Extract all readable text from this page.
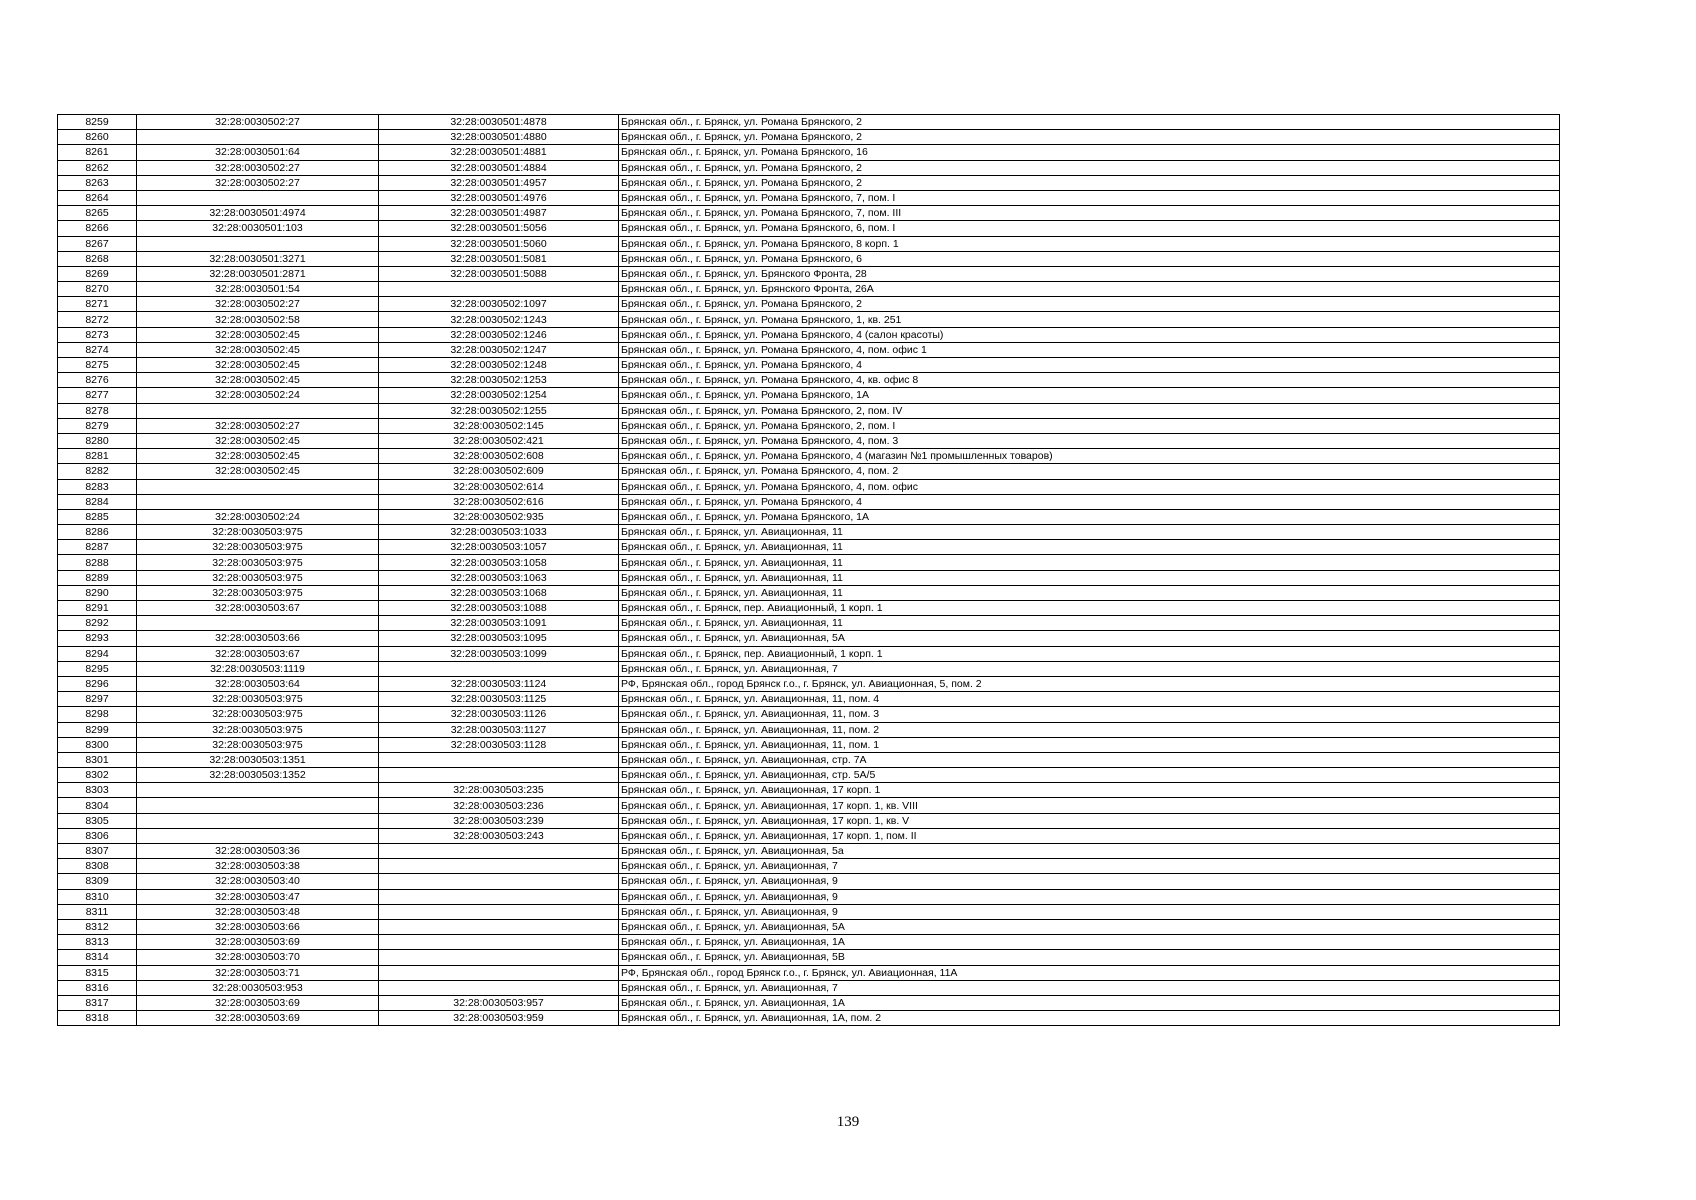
8259	32:28:0030502:27	32:28:0030501:4878	Брянская обл., г. Брянск, ул. Романа Брянского, 2
8260		32:28:0030501:4880	Брянская обл., г. Брянск, ул. Романа Брянского, 2
8261	32:28:0030501:64	32:28:0030501:4881	Брянская обл., г. Брянск, ул. Романа Брянского, 16
8262	32:28:0030502:27	32:28:0030501:4884	Брянская обл., г. Брянск, ул. Романа Брянского, 2
8263	32:28:0030502:27	32:28:0030501:4957	Брянская обл., г. Брянск, ул. Романа Брянского, 2
8264		32:28:0030501:4976	Брянская обл., г. Брянск, ул. Романа Брянского, 7, пом. I
8265	32:28:0030501:4974	32:28:0030501:4987	Брянская обл., г. Брянск, ул. Романа Брянского, 7, пом. III
8266	32:28:0030501:103	32:28:0030501:5056	Брянская обл., г. Брянск, ул. Романа Брянского, 6, пом. I
8267		32:28:0030501:5060	Брянская обл., г. Брянск, ул. Романа Брянского, 8 корп. 1
8268	32:28:0030501:3271	32:28:0030501:5081	Брянская обл., г. Брянск, ул. Романа Брянского, 6
8269	32:28:0030501:2871	32:28:0030501:5088	Брянская обл., г. Брянск, ул. Брянского Фронта, 28
8270	32:28:0030501:54		Брянская обл., г. Брянск, ул. Брянского Фронта, 26А
8271	32:28:0030502:27	32:28:0030502:1097	Брянская обл., г. Брянск, ул. Романа Брянского, 2
8272	32:28:0030502:58	32:28:0030502:1243	Брянская обл., г. Брянск, ул. Романа Брянского, 1, кв. 251
8273	32:28:0030502:45	32:28:0030502:1246	Брянская обл., г. Брянск, ул. Романа Брянского, 4 (салон красоты)
8274	32:28:0030502:45	32:28:0030502:1247	Брянская обл., г. Брянск, ул. Романа Брянского, 4, пом. офис 1
8275	32:28:0030502:45	32:28:0030502:1248	Брянская обл., г. Брянск, ул. Романа Брянского, 4
8276	32:28:0030502:45	32:28:0030502:1253	Брянская обл., г. Брянск, ул. Романа Брянского, 4, кв. офис 8
8277	32:28:0030502:24	32:28:0030502:1254	Брянская обл., г. Брянск, ул. Романа Брянского, 1А
8278		32:28:0030502:1255	Брянская обл., г. Брянск, ул. Романа Брянского, 2, пом. IV
8279	32:28:0030502:27	32:28:0030502:145	Брянская обл., г. Брянск, ул. Романа Брянского, 2, пом. I
8280	32:28:0030502:45	32:28:0030502:421	Брянская обл., г. Брянск, ул. Романа Брянского, 4, пом. 3
8281	32:28:0030502:45	32:28:0030502:608	Брянская обл., г. Брянск, ул. Романа Брянского, 4 (магазин №1 промышленных товаров)
8282	32:28:0030502:45	32:28:0030502:609	Брянская обл., г. Брянск, ул. Романа Брянского, 4, пом. 2
8283		32:28:0030502:614	Брянская обл., г. Брянск, ул. Романа Брянского, 4, пом. офис
8284		32:28:0030502:616	Брянская обл., г. Брянск, ул. Романа Брянского, 4
8285	32:28:0030502:24	32:28:0030502:935	Брянская обл., г. Брянск, ул. Романа Брянского, 1А
8286	32:28:0030503:975	32:28:0030503:1033	Брянская обл., г. Брянск, ул. Авиационная, 11
8287	32:28:0030503:975	32:28:0030503:1057	Брянская обл., г. Брянск, ул. Авиационная, 11
8288	32:28:0030503:975	32:28:0030503:1058	Брянская обл., г. Брянск, ул. Авиационная, 11
8289	32:28:0030503:975	32:28:0030503:1063	Брянская обл., г. Брянск, ул. Авиационная, 11
8290	32:28:0030503:975	32:28:0030503:1068	Брянская обл., г. Брянск, ул. Авиационная, 11
8291	32:28:0030503:67	32:28:0030503:1088	Брянская обл., г. Брянск, пер. Авиационный, 1 корп. 1
8292		32:28:0030503:1091	Брянская обл., г. Брянск, ул. Авиационная, 11
8293	32:28:0030503:66	32:28:0030503:1095	Брянская обл., г. Брянск, ул. Авиационная, 5А
8294	32:28:0030503:67	32:28:0030503:1099	Брянская обл., г. Брянск, пер. Авиационный, 1 корп. 1
8295	32:28:0030503:1119		Брянская обл., г. Брянск, ул. Авиационная, 7
8296	32:28:0030503:64	32:28:0030503:1124	РФ, Брянская обл., город Брянск г.о., г. Брянск, ул. Авиационная, 5, пом. 2
8297	32:28:0030503:975	32:28:0030503:1125	Брянская обл., г. Брянск, ул. Авиационная, 11, пом. 4
8298	32:28:0030503:975	32:28:0030503:1126	Брянская обл., г. Брянск, ул. Авиационная, 11, пом. 3
8299	32:28:0030503:975	32:28:0030503:1127	Брянская обл., г. Брянск, ул. Авиационная, 11, пом. 2
8300	32:28:0030503:975	32:28:0030503:1128	Брянская обл., г. Брянск, ул. Авиационная, 11, пом. 1
8301	32:28:0030503:1351		Брянская обл., г. Брянск, ул. Авиационная, стр. 7А
8302	32:28:0030503:1352		Брянская обл., г. Брянск, ул. Авиационная, стр. 5А/5
8303		32:28:0030503:235	Брянская обл., г. Брянск, ул. Авиационная, 17 корп. 1
8304		32:28:0030503:236	Брянская обл., г. Брянск, ул. Авиационная, 17 корп. 1, кв. VIII
8305		32:28:0030503:239	Брянская обл., г. Брянск, ул. Авиационная, 17 корп. 1, кв. V
8306		32:28:0030503:243	Брянская обл., г. Брянск, ул. Авиационная, 17 корп. 1, пом. II
8307	32:28:0030503:36		Брянская обл., г. Брянск, ул. Авиационная, 5а
8308	32:28:0030503:38		Брянская обл., г. Брянск, ул. Авиационная, 7
8309	32:28:0030503:40		Брянская обл., г. Брянск, ул. Авиационная, 9
8310	32:28:0030503:47		Брянская обл., г. Брянск, ул. Авиационная, 9
8311	32:28:0030503:48		Брянская обл., г. Брянск, ул. Авиационная, 9
8312	32:28:0030503:66		Брянская обл., г. Брянск, ул. Авиационная, 5А
8313	32:28:0030503:69		Брянская обл., г. Брянск, ул. Авиационная, 1А
8314	32:28:0030503:70		Брянская обл., г. Брянск, ул. Авиационная, 5В
8315	32:28:0030503:71		РФ, Брянская обл., город Брянск г.о., г. Брянск, ул. Авиационная, 11А
8316	32:28:0030503:953		Брянская обл., г. Брянск, ул. Авиационная, 7
8317	32:28:0030503:69	32:28:0030503:957	Брянская обл., г. Брянск, ул. Авиационная, 1А
8318	32:28:0030503:69	32:28:0030503:959	Брянская обл., г. Брянск, ул. Авиационная, 1А, пом. 2
139
